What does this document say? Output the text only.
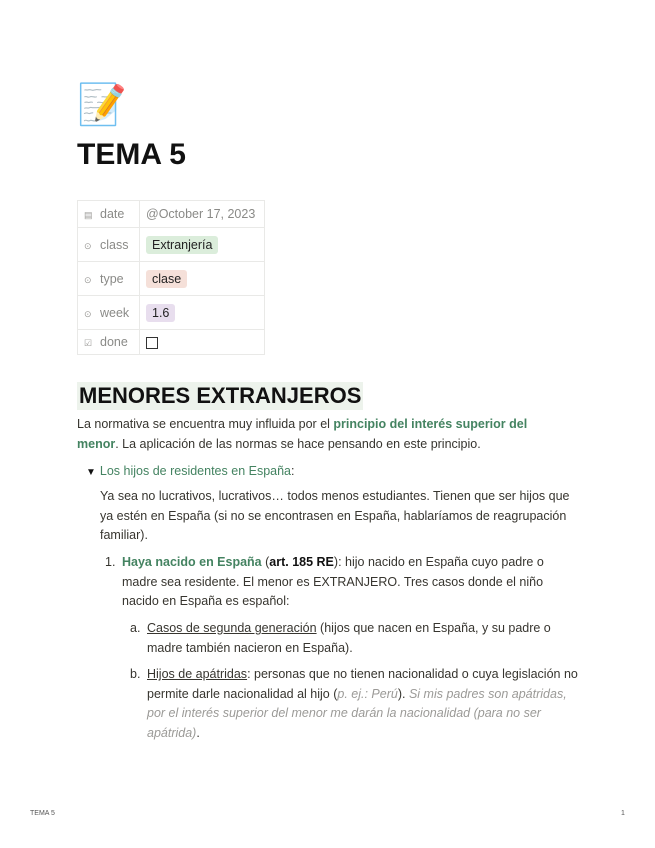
📝
TEMA 5
▤ date	@October 17, 2023
⊙ class	Extranjería
⊙ type	clase
⊙ week	1.6
☑ done	
MENORES EXTRANJEROS
La normativa se encuentra muy influida por el principio del interés superior del menor. La aplicación de las normas se hace pensando en este principio.
▼ Los hijos de residentes en España:
Ya sea no lucrativos, lucrativos… todos menos estudiantes. Tienen que ser hijos que ya estén en España (si no se encontrasen en España, hablaríamos de reagrupación familiar).
1. Haya nacido en España (art. 185 RE): hijo nacido en España cuyo padre o madre sea residente. El menor es EXTRANJERO. Tres casos donde el niño nacido en España es español:
a. Casos de segunda generación (hijos que nacen en España, y su padre o madre también nacieron en España).
b. Hijos de apátridas: personas que no tienen nacionalidad o cuya legislación no permite darle nacionalidad al hijo (p. ej.: Perú). Si mis padres son apátridas, por el interés superior del menor me darán la nacionalidad (para no ser apátrida).
TEMA 5	1
